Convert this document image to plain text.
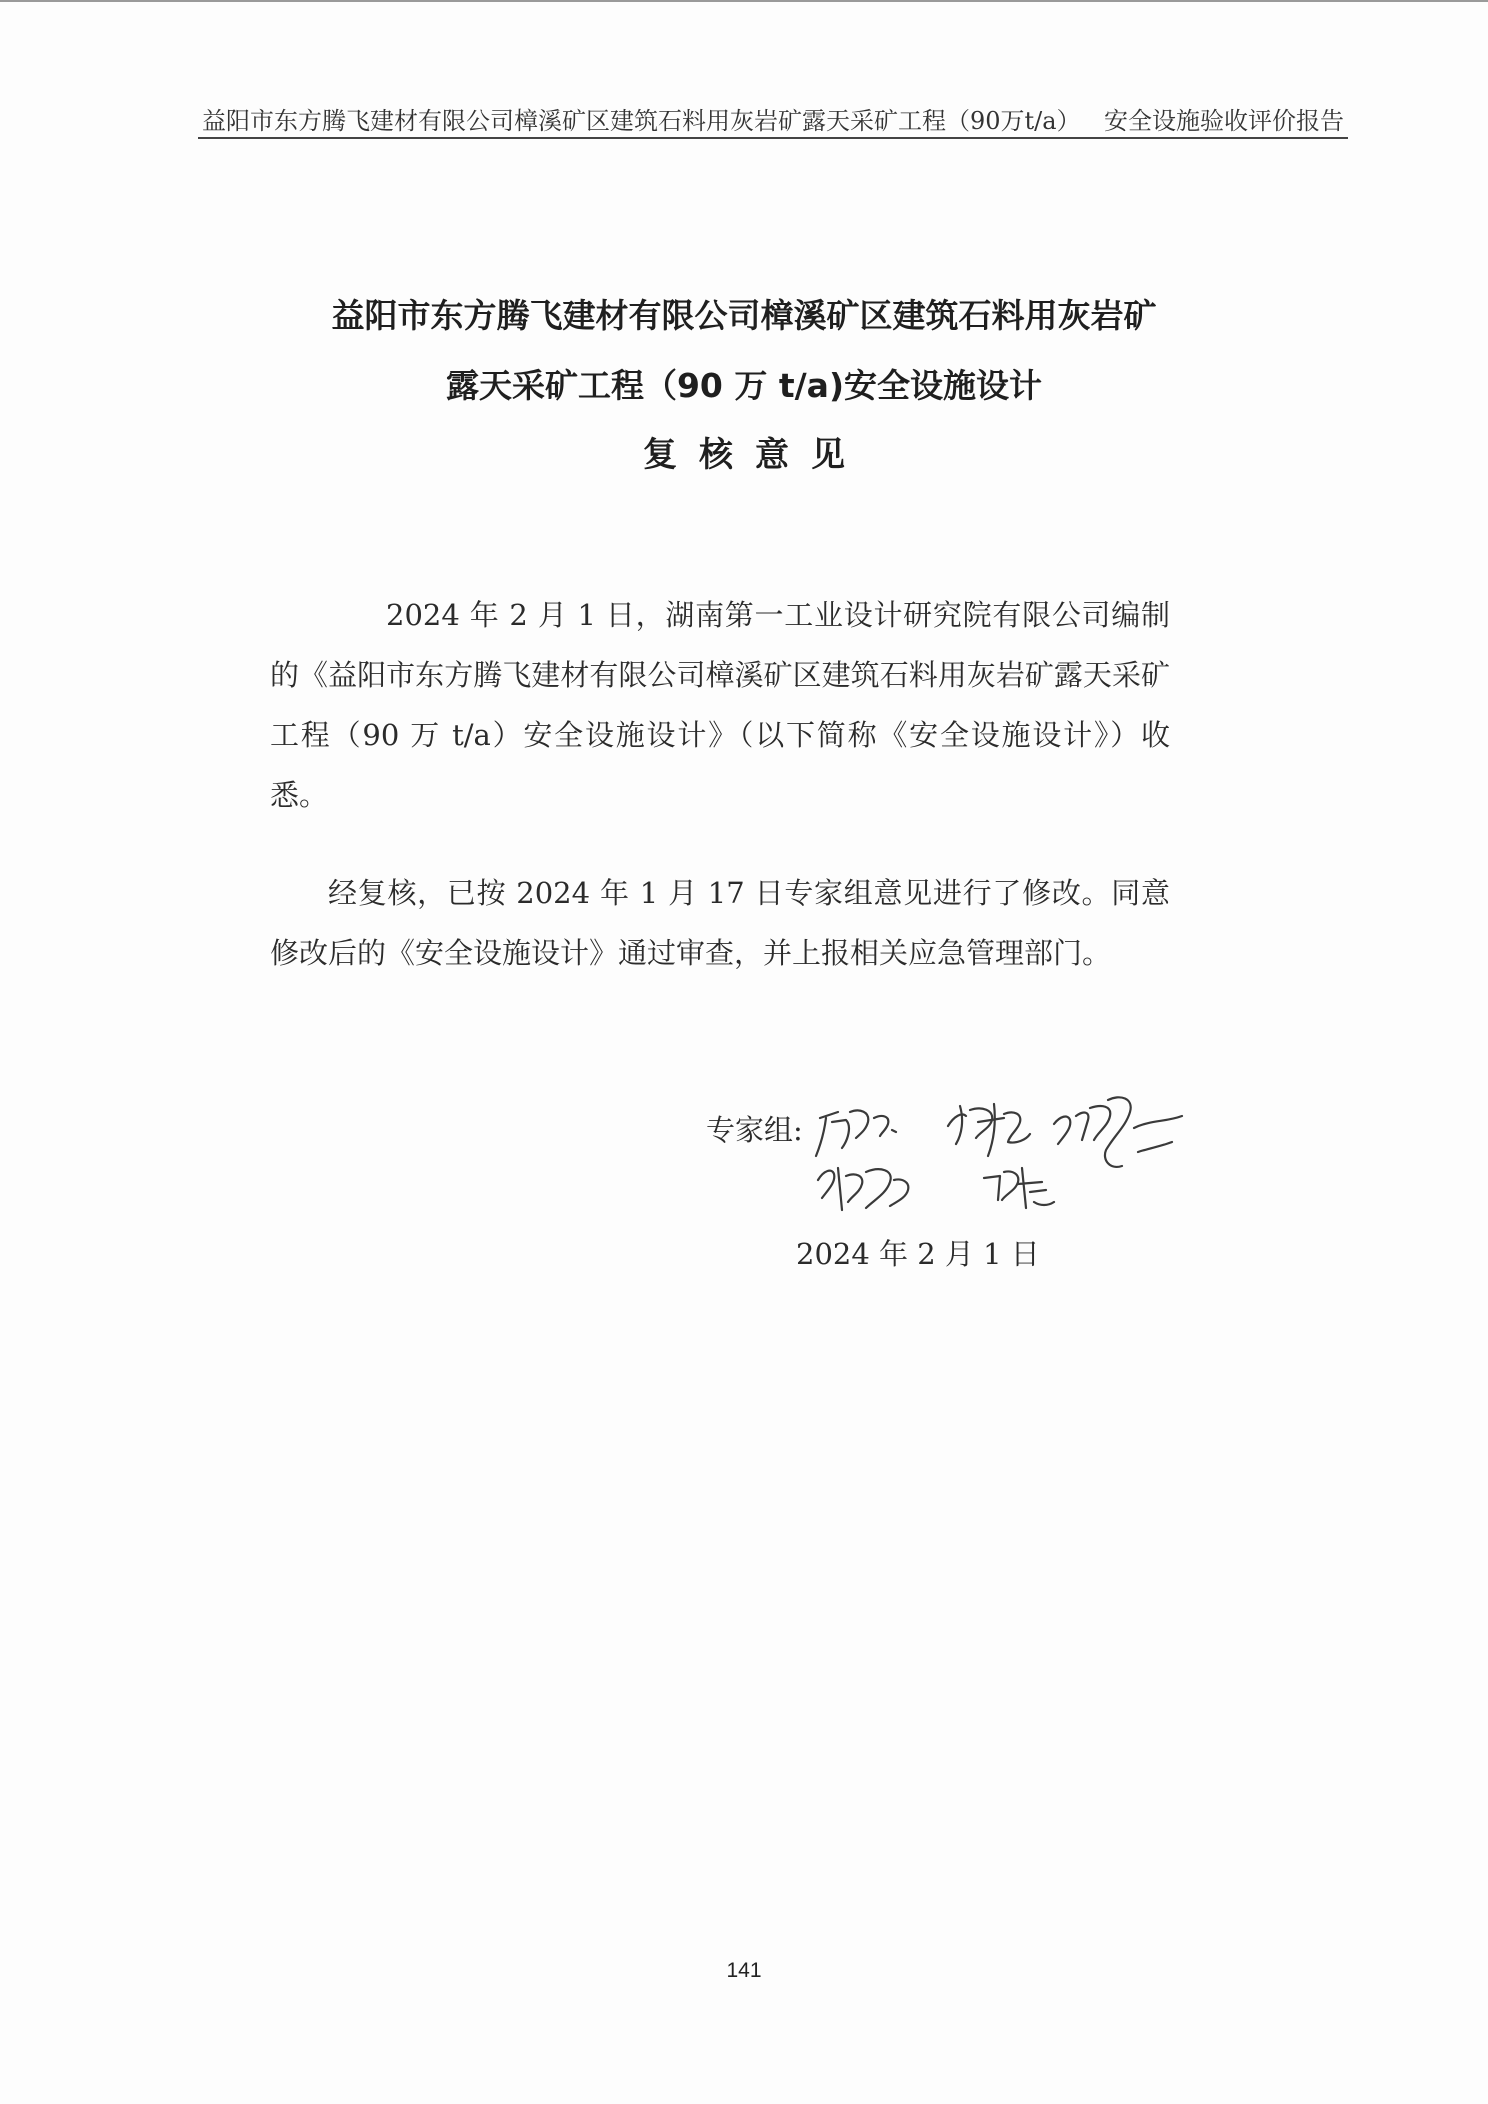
益阳市东方腾飞建材有限公司樟溪矿区建筑石料用灰岩矿露天采矿工程（90万t/a） 安全设施验收评价报告
益阳市东方腾飞建材有限公司樟溪矿区建筑石料用灰岩矿
露天采矿工程（90 万 t/a)安全设施设计
复核意见

2024 年 2 月 1 日，湖南第一工业设计研究院有限公司编制的《益阳市东方腾飞建材有限公司樟溪矿区建筑石料用灰岩矿露天采矿工程（90 万 t/a）安全设施设计》（以下简称《安全设施设计》）收悉。

经复核，已按 2024 年 1 月 17 日专家组意见进行了修改。同意修改后的《安全设施设计》通过审查，并上报相关应急管理部门。

专家组:
2024 年 2 月 1 日
141
